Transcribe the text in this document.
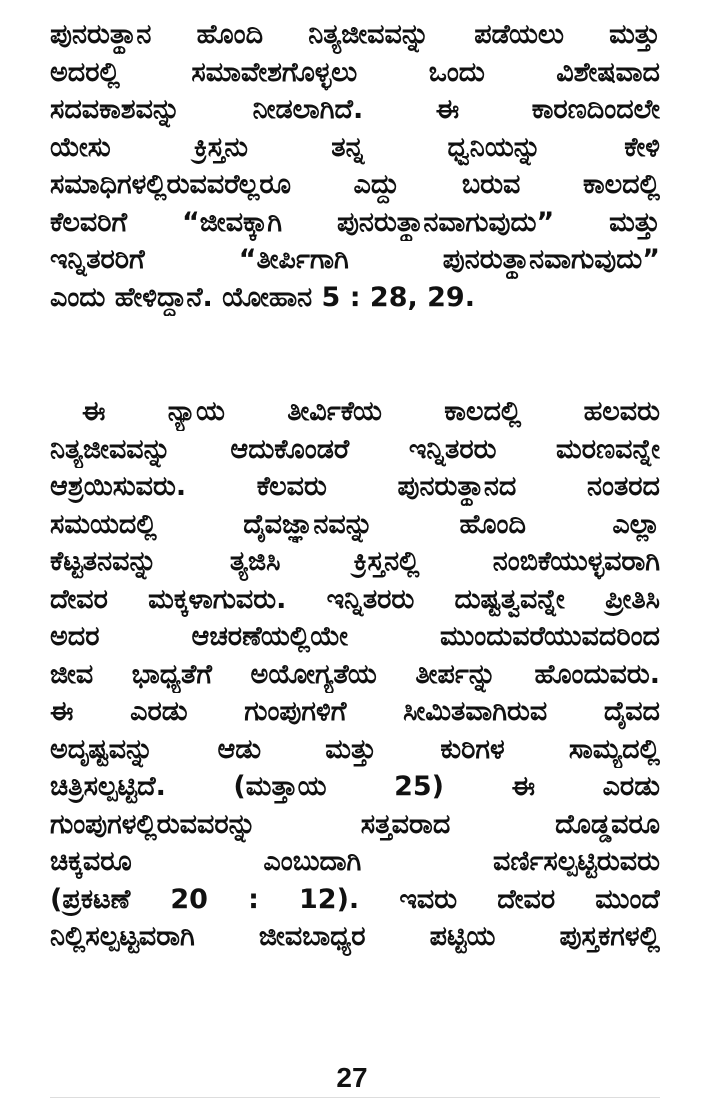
ಪುನರುತ್ಥಾನ ಹೊಂದಿ ನಿತ್ಯಜೀವವನ್ನು ಪಡೆಯಲು ಮತ್ತು
ಅದರಲ್ಲಿ ಸಮಾವೇಶಗೊಳ್ಳಲು ಒಂದು ವಿಶೇಷವಾದ
ಸದವಕಾಶವನ್ನು ನೀಡಲಾಗಿದೆ. ಈ ಕಾರಣದಿಂದಲೇ
ಯೇಸು ಕ್ರಿಸ್ತನು ತನ್ನ ಧ್ವನಿಯನ್ನು ಕೇಳಿ
ಸಮಾಧಿಗಳಲ್ಲಿರುವವರೆಲ್ಲರೂ ಎದ್ದು ಬರುವ ಕಾಲದಲ್ಲಿ
ಕೆಲವರಿಗೆ “ಜೀವಕ್ಕಾಗಿ ಪುನರುತ್ಥಾನವಾಗುವುದು” ಮತ್ತು
ಇನ್ನಿತರರಿಗೆ “ತೀರ್ಪಿಗಾಗಿ ಪುನರುತ್ಥಾನವಾಗುವುದು”
ಎಂದು ಹೇಳಿದ್ದಾನೆ. ಯೋಹಾನ 5 : 28, 29.
ಈ ನ್ಯಾಯ ತೀರ್ವಿಕೆಯ ಕಾಲದಲ್ಲಿ ಹಲವರು
ನಿತ್ಯಜೀವವನ್ನು ಆದುಕೊಂಡರೆ ಇನ್ನಿತರರು ಮರಣವನ್ನೇ
ಆಶ್ರಯಿಸುವರು. ಕೆಲವರು ಪುನರುತ್ಥಾನದ ನಂತರದ
ಸಮಯದಲ್ಲಿ ದೈವಜ್ಞಾನವನ್ನು ಹೊಂದಿ ಎಲ್ಲಾ
ಕೆಟ್ಟತನವನ್ನು ತ್ಯಜಿಸಿ ಕ್ರಿಸ್ತನಲ್ಲಿ ನಂಬಿಕೆಯುಳ್ಳವರಾಗಿ
ದೇವರ ಮಕ್ಕಳಾಗುವರು. ಇನ್ನಿತರರು ದುಷ್ಟತ್ವವನ್ನೇ ಪ್ರೀತಿಸಿ
ಅದರ ಆಚರಣೆಯಲ್ಲಿಯೇ ಮುಂದುವರೆಯುವದರಿಂದ
ಜೀವ ಭಾಧ್ಯತೆಗೆ ಅಯೋಗ್ಯತೆಯ ತೀರ್ಪನ್ನು ಹೊಂದುವರು.
ಈ ಎರಡು ಗುಂಪುಗಳಿಗೆ ಸೀಮಿತವಾಗಿರುವ ದೈವದ
ಅದೃಷ್ಟವನ್ನು ಆಡು ಮತ್ತು ಕುರಿಗಳ ಸಾಮ್ಯದಲ್ಲಿ
ಚಿತ್ರಿಸಲ್ಪಟ್ಟಿದೆ. (ಮತ್ತಾಯ 25) ಈ ಎರಡು
ಗುಂಪುಗಳಲ್ಲಿರುವವರನ್ನು ಸತ್ತವರಾದ ದೊಡ್ಡವರೂ
ಚಿಕ್ಕವರೂ ಎಂಬುದಾಗಿ ವರ್ಣಿಸಲ್ಪಟ್ಟಿರುವರು
(ಪ್ರಕಟಣೆ 20 : 12). ಇವರು ದೇವರ ಮುಂದೆ
ನಿಲ್ಲಿಸಲ್ಪಟ್ಟವರಾಗಿ ಜೀವಬಾಧ್ಯರ ಪಟ್ಟಿಯ ಪುಸ್ತಕಗಳಲ್ಲಿ
27
